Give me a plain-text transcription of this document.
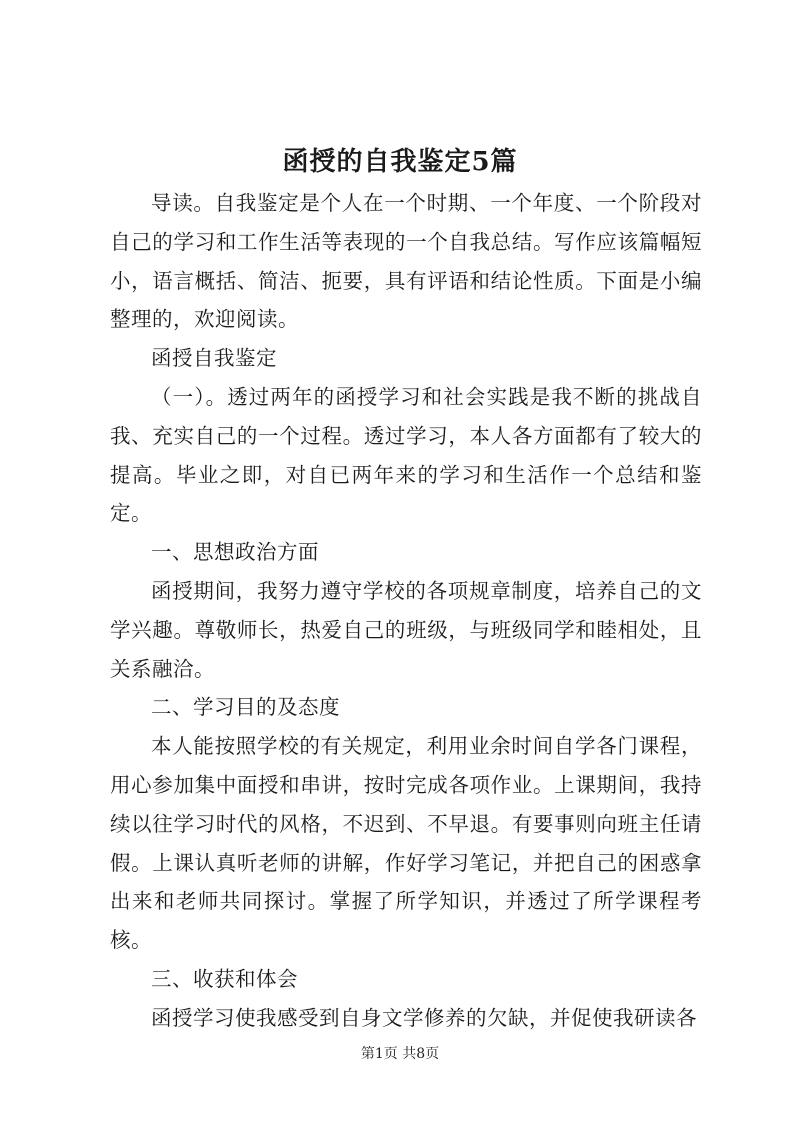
函授的自我鉴定5篇

导读。自我鉴定是个人在一个时期、一个年度、一个阶段对自己的学习和工作生活等表现的一个自我总结。写作应该篇幅短小，语言概括、简洁、扼要，具有评语和结论性质。下面是小编整理的，欢迎阅读。

函授自我鉴定

（一）。透过两年的函授学习和社会实践是我不断的挑战自我、充实自己的一个过程。透过学习，本人各方面都有了较大的提高。毕业之即，对自已两年来的学习和生活作一个总结和鉴定。

一、思想政治方面

函授期间，我努力遵守学校的各项规章制度，培养自己的文学兴趣。尊敬师长，热爱自己的班级，与班级同学和睦相处，且关系融洽。

二、学习目的及态度

本人能按照学校的有关规定，利用业余时间自学各门课程，用心参加集中面授和串讲，按时完成各项作业。上课期间，我持续以往学习时代的风格，不迟到、不早退。有要事则向班主任请假。上课认真听老师的讲解，作好学习笔记，并把自己的困惑拿出来和老师共同探讨。掌握了所学知识，并透过了所学课程考核。

三、收获和体会

函授学习使我感受到自身文学修养的欠缺，并促使我研读各

第1页 共8页
